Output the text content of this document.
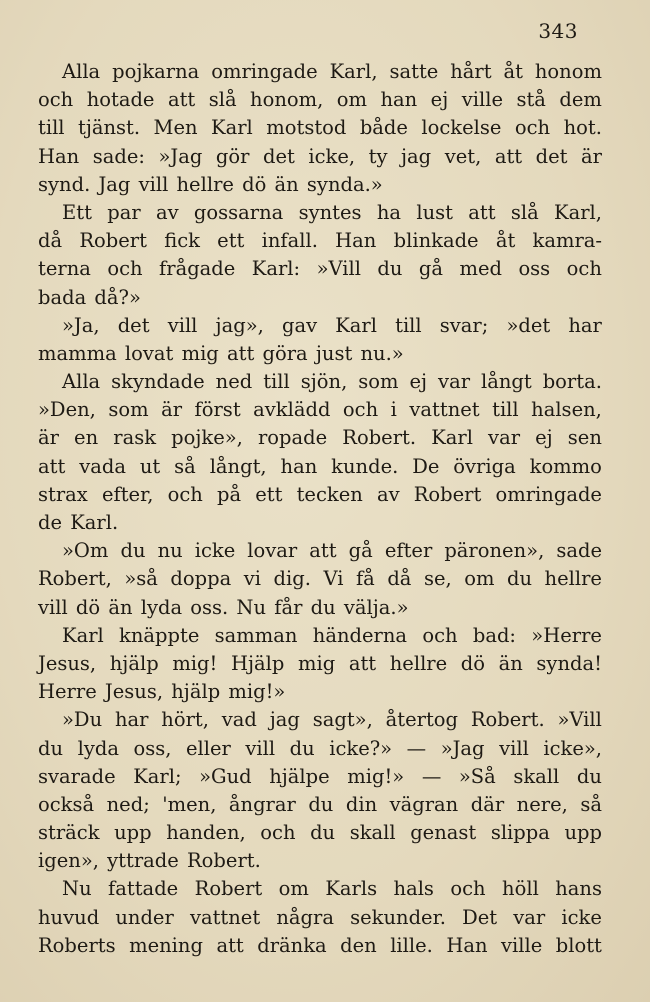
343
Alla pojkarna omringade Karl, satte hårt åt honom
och hotade att slå honom, om han ej ville stå dem
till tjänst. Men Karl motstod både lockelse och hot.
Han sade: »Jag gör det icke, ty jag vet, att det är
synd. Jag vill hellre dö än synda.»
Ett par av gossarna syntes ha lust att slå Karl,
då Robert fick ett infall. Han blinkade åt kamra-
terna och frågade Karl: »Vill du gå med oss och
bada då?»
»Ja, det vill jag», gav Karl till svar; »det har
mamma lovat mig att göra just nu.»
Alla skyndade ned till sjön, som ej var långt borta.
»Den, som är först avklädd och i vattnet till halsen,
är en rask pojke», ropade Robert. Karl var ej sen
att vada ut så långt, han kunde. De övriga kommo
strax efter, och på ett tecken av Robert omringade
de Karl.
»Om du nu icke lovar att gå efter päronen», sade
Robert, »så doppa vi dig. Vi få då se, om du hellre
vill dö än lyda oss. Nu får du välja.»
Karl knäppte samman händerna och bad: »Herre
Jesus, hjälp mig! Hjälp mig att hellre dö än synda!
Herre Jesus, hjälp mig!»
»Du har hört, vad jag sagt», återtog Robert. »Vill
du lyda oss, eller vill du icke?» — »Jag vill icke»,
svarade Karl; »Gud hjälpe mig!» — »Så skall du
också ned; 'men, ångrar du din vägran där nere, så
sträck upp handen, och du skall genast slippa upp
igen», yttrade Robert.
Nu fattade Robert om Karls hals och höll hans
huvud under vattnet några sekunder. Det var icke
Roberts mening att dränka den lille. Han ville blott
